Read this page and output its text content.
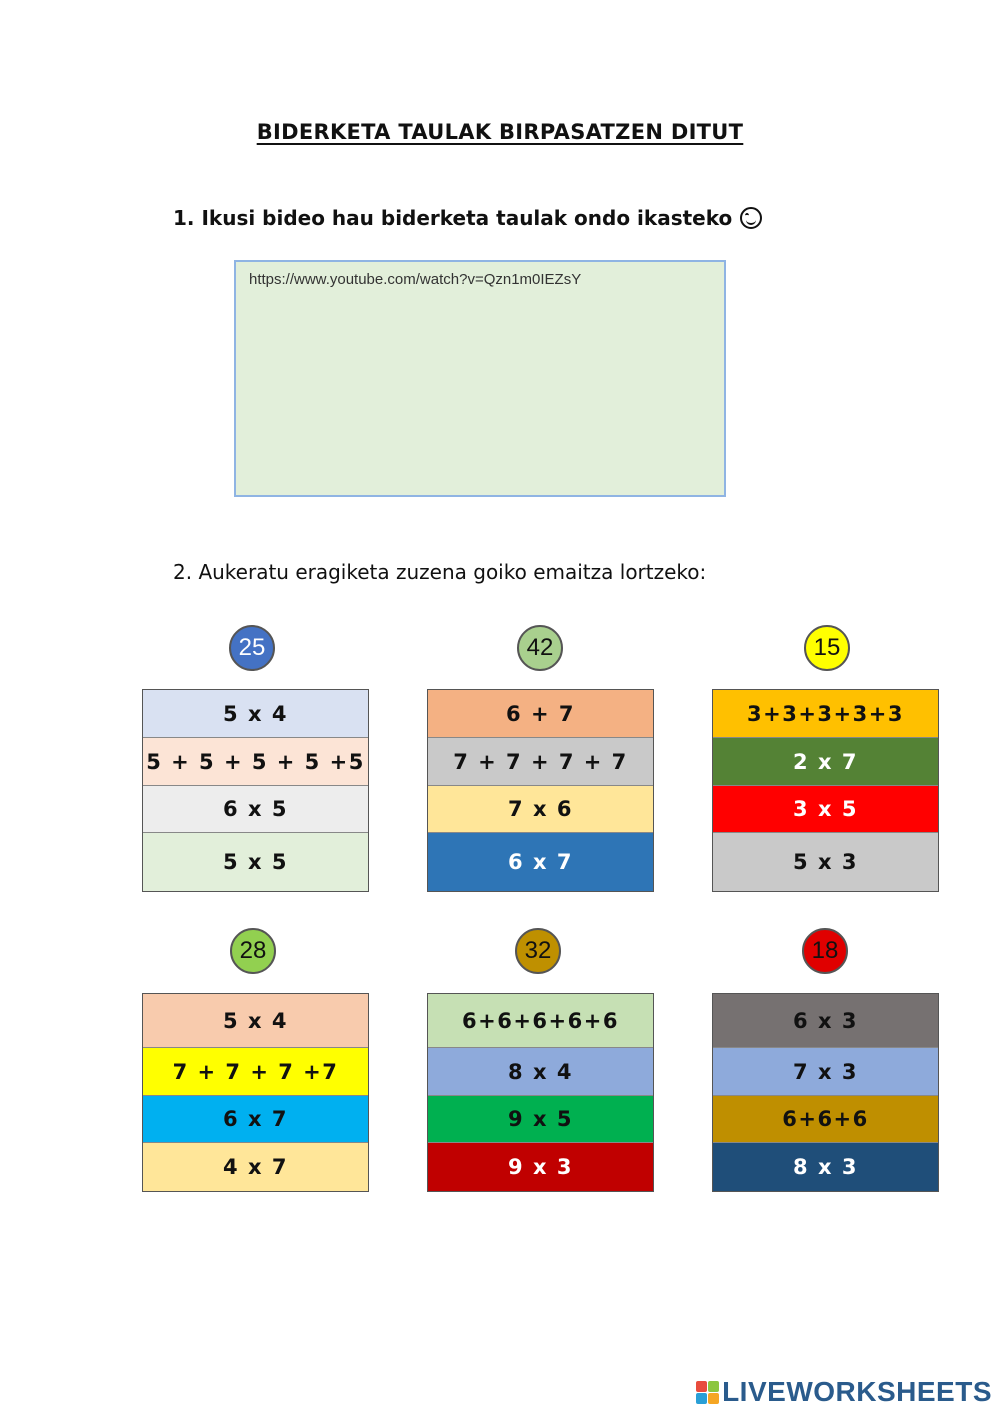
BIDERKETA TAULAK BIRPASATZEN DITUT
1. Ikusi bideo hau biderketa taulak ondo ikasteko
https://www.youtube.com/watch?v=Qzn1m0IEZsY
2. Aukeratu eragiketa zuzena goiko emaitza lortzeko:
25
5 x 4
5 + 5 + 5 + 5 +5
6 x 5
5 x 5
42
6 + 7
7 + 7 + 7 + 7
7 x 6
6 x 7
15
3+3+3+3+3
2 x 7
3 x 5
5 x 3
28
5 x 4
7 + 7 + 7 +7
6 x 7
4 x 7
32
6+6+6+6+6
8 x 4
9 x 5
9 x 3
18
6 x 3
7 x 3
6+6+6
8 x 3
LIVEWORKSHEETS
